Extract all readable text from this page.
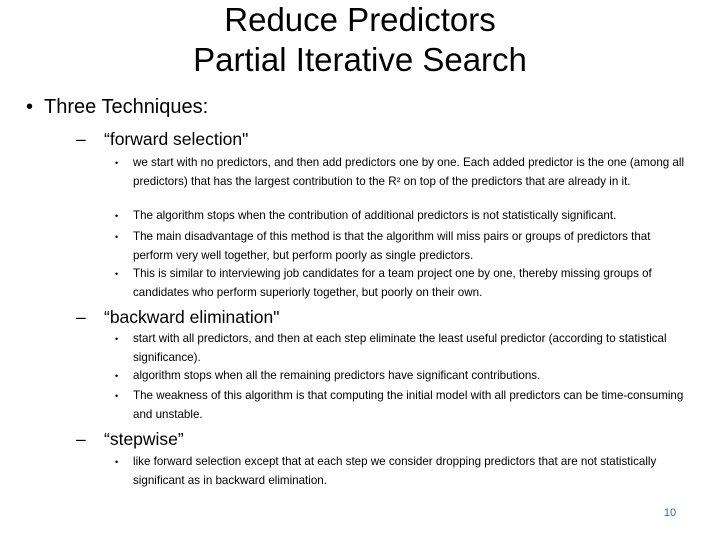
Reduce Predictors
Partial Iterative Search
• Three Techniques:
– “forward selection"
• we start with no predictors, and then add predictors one by one. Each added predictor is the one (among all predictors) that has the largest contribution to the R² on top of the predictors that are already in it.
• The algorithm stops when the contribution of additional predictors is not statistically significant.
• The main disadvantage of this method is that the algorithm will miss pairs or groups of predictors that perform very well together, but perform poorly as single predictors.
• This is similar to interviewing job candidates for a team project one by one, thereby missing groups of candidates who perform superiorly together, but poorly on their own.
– “backward elimination"
• start with all predictors, and then at each step eliminate the least useful predictor (according to statistical significance).
• algorithm stops when all the remaining predictors have significant contributions.
• The weakness of this algorithm is that computing the initial model with all predictors can be time-consuming and unstable.
– “stepwise”
• like forward selection except that at each step we consider dropping predictors that are not statistically significant as in backward elimination.
10
